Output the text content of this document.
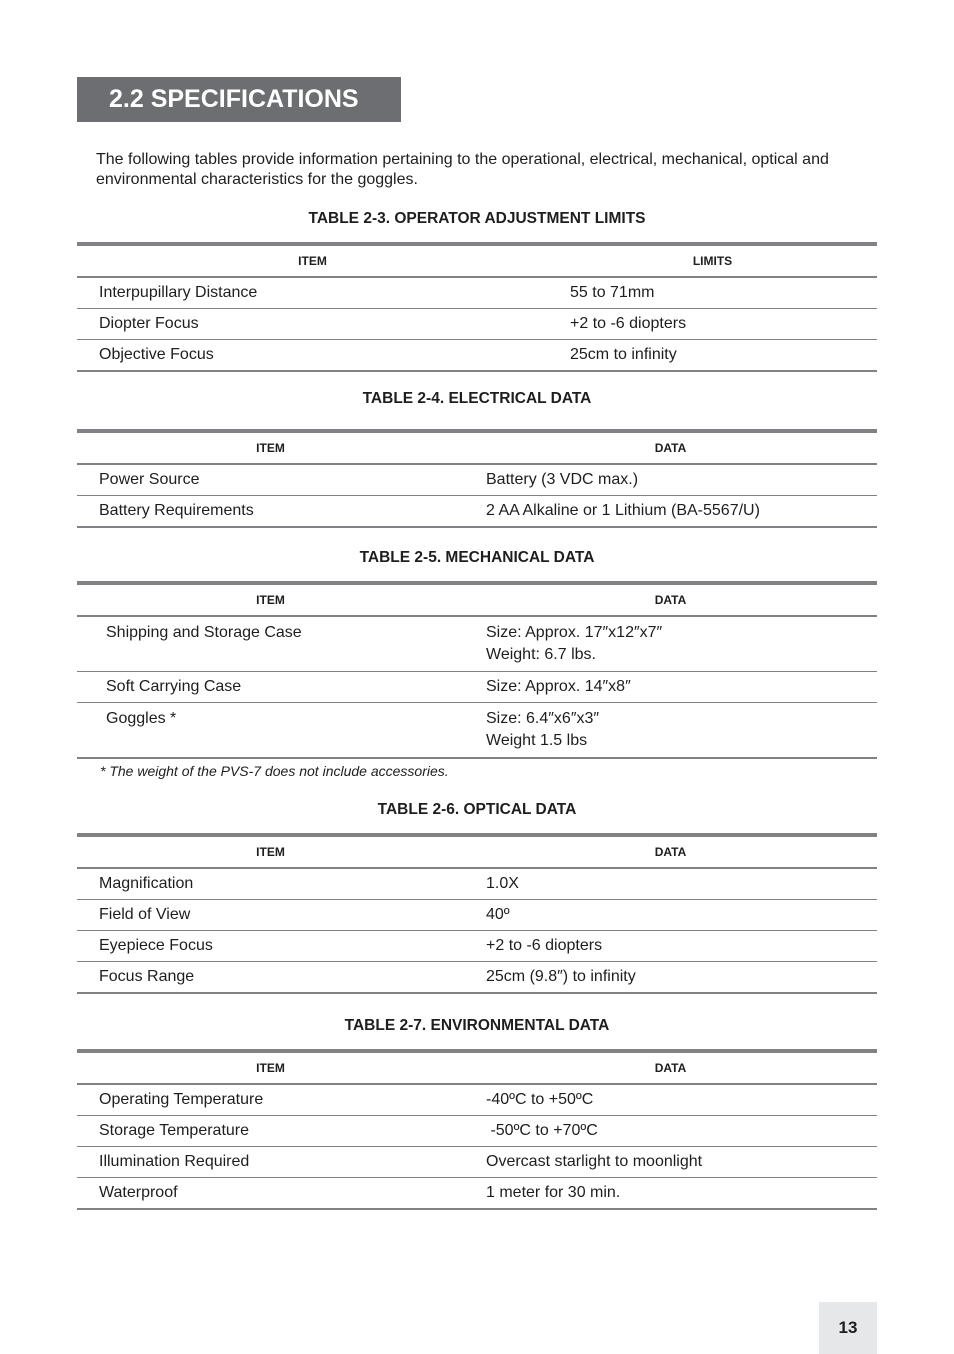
2.2 SPECIFICATIONS

The following tables provide information pertaining to the operational, electrical, mechanical, optical and environmental characteristics for the goggles.

TABLE 2-3. OPERATOR ADJUSTMENT LIMITS

ITEM	LIMITS
Interpupillary Distance	55 to 71mm
Diopter Focus	+2 to -6 diopters
Objective Focus	25cm to infinity

TABLE 2-4. ELECTRICAL DATA

ITEM	DATA
Power Source	Battery (3 VDC max.)
Battery Requirements	2 AA Alkaline or 1 Lithium (BA-5567/U)

TABLE 2-5. MECHANICAL DATA

ITEM	DATA
Shipping and Storage Case	Size: Approx. 17″x12″x7″
Weight: 6.7 lbs.

Soft Carrying Case	Size: Approx. 14″x8″
Goggles *	Size: 6.4″x6″x3″
Weight 1.5 lbs

* The weight of the PVS-7 does not include accessories.

TABLE 2-6. OPTICAL DATA

ITEM	DATA
Magnification	1.0X
Field of View	40º
Eyepiece Focus	+2 to -6 diopters
Focus Range	25cm (9.8″) to infinity

TABLE 2-7. ENVIRONMENTAL DATA

ITEM	DATA
Operating Temperature	-40ºC to +50ºC
Storage Temperature	-50ºC to +70ºC
Illumination Required	Overcast starlight to moonlight
Waterproof	1 meter for 30 min.
13
